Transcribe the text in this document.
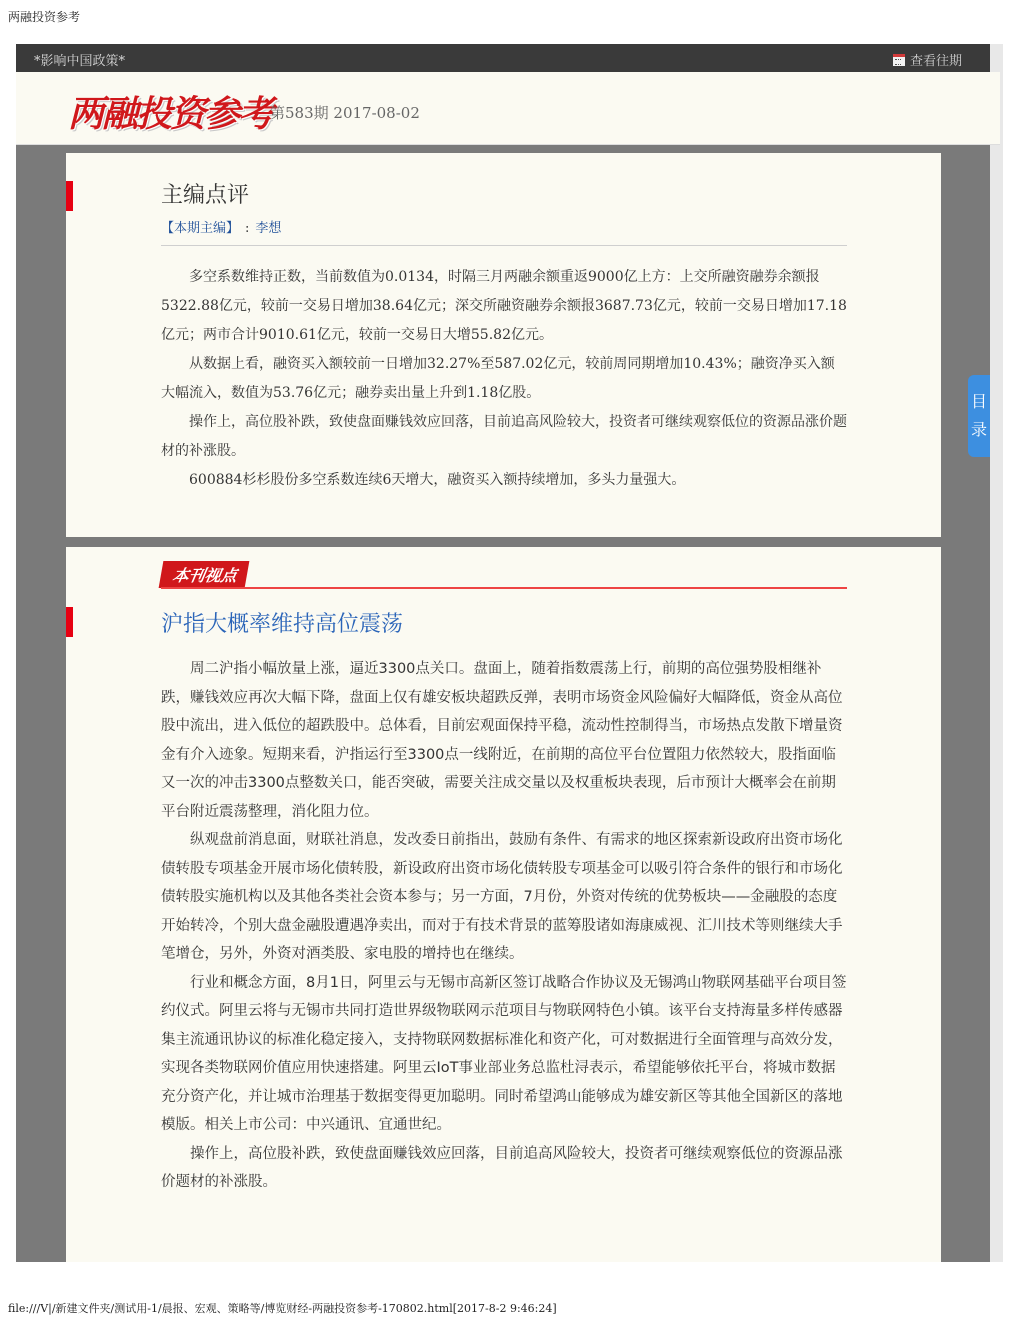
两融投资参考
*影响中国政策*	查看往期
两融投资参考
第583期 2017-08-02
主编点评
【本期主编】 : 李想

多空系数维持正数，当前数值为0.0134，时隔三月两融余额重返9000亿上方：上交所融资融券余额报5322.88亿元，较前一交易日增加38.64亿元；深交所融资融券余额报3687.73亿元，较前一交易日增加17.18亿元；两市合计9010.61亿元，较前一交易日大增55.82亿元。

从数据上看，融资买入额较前一日增加32.27%至587.02亿元，较前周同期增加10.43%；融资净买入额大幅流入，数值为53.76亿元；融券卖出量上升到1.18亿股。

操作上，高位股补跌，致使盘面赚钱效应回落，目前追高风险较大，投资者可继续观察低位的资源品涨价题材的补涨股。

600884杉杉股份多空系数连续6天增大，融资买入额持续增加，多头力量强大。

本刊视点
沪指大概率维持高位震荡

周二沪指小幅放量上涨，逼近3300点关口。盘面上，随着指数震荡上行，前期的高位强势股相继补跌，赚钱效应再次大幅下降，盘面上仅有雄安板块超跌反弹，表明市场资金风险偏好大幅降低，资金从高位股中流出，进入低位的超跌股中。总体看，目前宏观面保持平稳，流动性控制得当，市场热点发散下增量资金有介入迹象。短期来看，沪指运行至3300点一线附近，在前期的高位平台位置阻力依然较大，股指面临又一次的冲击3300点整数关口，能否突破，需要关注成交量以及权重板块表现，后市预计大概率会在前期平台附近震荡整理，消化阻力位。

纵观盘前消息面，财联社消息，发改委日前指出，鼓励有条件、有需求的地区探索新设政府出资市场化债转股专项基金开展市场化债转股，新设政府出资市场化债转股专项基金可以吸引符合条件的银行和市场化债转股实施机构以及其他各类社会资本参与；另一方面，7月份，外资对传统的优势板块——金融股的态度开始转冷，个别大盘金融股遭遇净卖出，而对于有技术背景的蓝筹股诸如海康威视、汇川技术等则继续大手笔增仓，另外，外资对酒类股、家电股的增持也在继续。

行业和概念方面，8月1日，阿里云与无锡市高新区签订战略合作协议及无锡鸿山物联网基础平台项目签约仪式。阿里云将与无锡市共同打造世界级物联网示范项目与物联网特色小镇。该平台支持海量多样传感器集主流通讯协议的标准化稳定接入，支持物联网数据标准化和资产化，可对数据进行全面管理与高效分发，实现各类物联网价值应用快速搭建。阿里云IoT事业部业务总监杜浔表示，希望能够依托平台，将城市数据充分资产化，并让城市治理基于数据变得更加聪明。同时希望鸿山能够成为雄安新区等其他全国新区的落地模版。相关上市公司：中兴通讯、宜通世纪。

操作上，高位股补跌，致使盘面赚钱效应回落，目前追高风险较大，投资者可继续观察低位的资源品涨价题材的补涨股。

目
录
file:///V|/新建文件夹/测试用-1/晨报、宏观、策略等/博览财经-两融投资参考-170802.html[2017-8-2 9:46:24]
